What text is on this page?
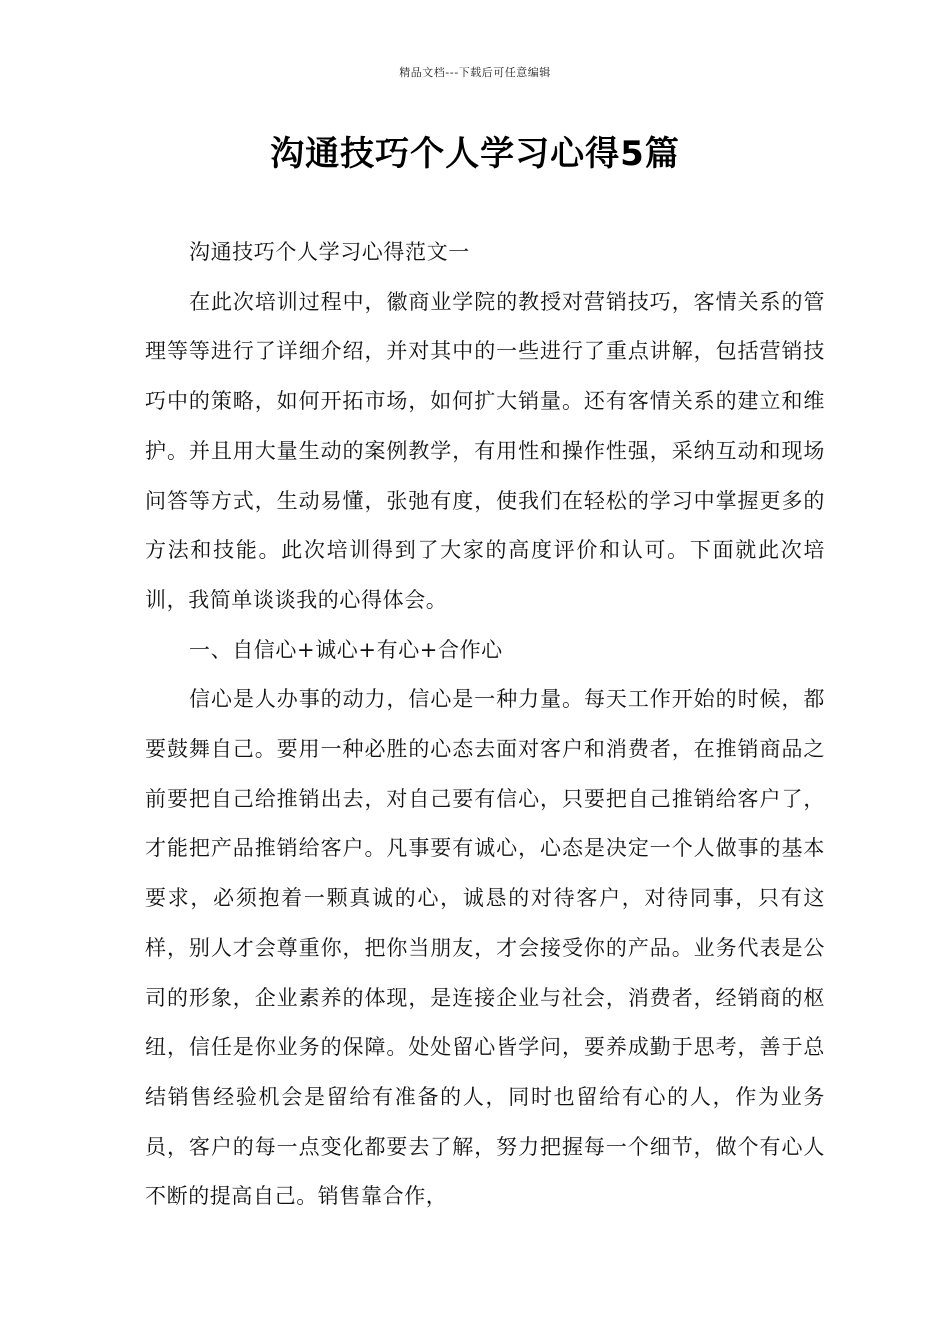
精品文档---下载后可任意编辑
沟通技巧个人学习心得5篇

沟通技巧个人学习心得范文一

在此次培训过程中，徽商业学院的教授对营销技巧，客情关系的管理等等进行了详细介绍，并对其中的一些进行了重点讲解，包括营销技巧中的策略，如何开拓市场，如何扩大销量。还有客情关系的建立和维护。并且用大量生动的案例教学，有用性和操作性强，采纳互动和现场问答等方式，生动易懂，张弛有度，使我们在轻松的学习中掌握更多的方法和技能。此次培训得到了大家的高度评价和认可。下面就此次培训，我简单谈谈我的心得体会。

一、自信心+诚心+有心+合作心

信心是人办事的动力，信心是一种力量。每天工作开始的时候，都要鼓舞自己。要用一种必胜的心态去面对客户和消费者，在推销商品之前要把自己给推销出去，对自己要有信心，只要把自己推销给客户了，才能把产品推销给客户。凡事要有诚心，心态是决定一个人做事的基本要求，必须抱着一颗真诚的心，诚恳的对待客户，对待同事，只有这样，别人才会尊重你，把你当朋友，才会接受你的产品。业务代表是公司的形象，企业素养的体现，是连接企业与社会，消费者，经销商的枢纽，信任是你业务的保障。处处留心皆学问，要养成勤于思考，善于总结销售经验机会是留给有准备的人，同时也留给有心的人，作为业务员，客户的每一点变化都要去了解，努力把握每一个细节，做个有心人不断的提高自己。销售靠合作，
